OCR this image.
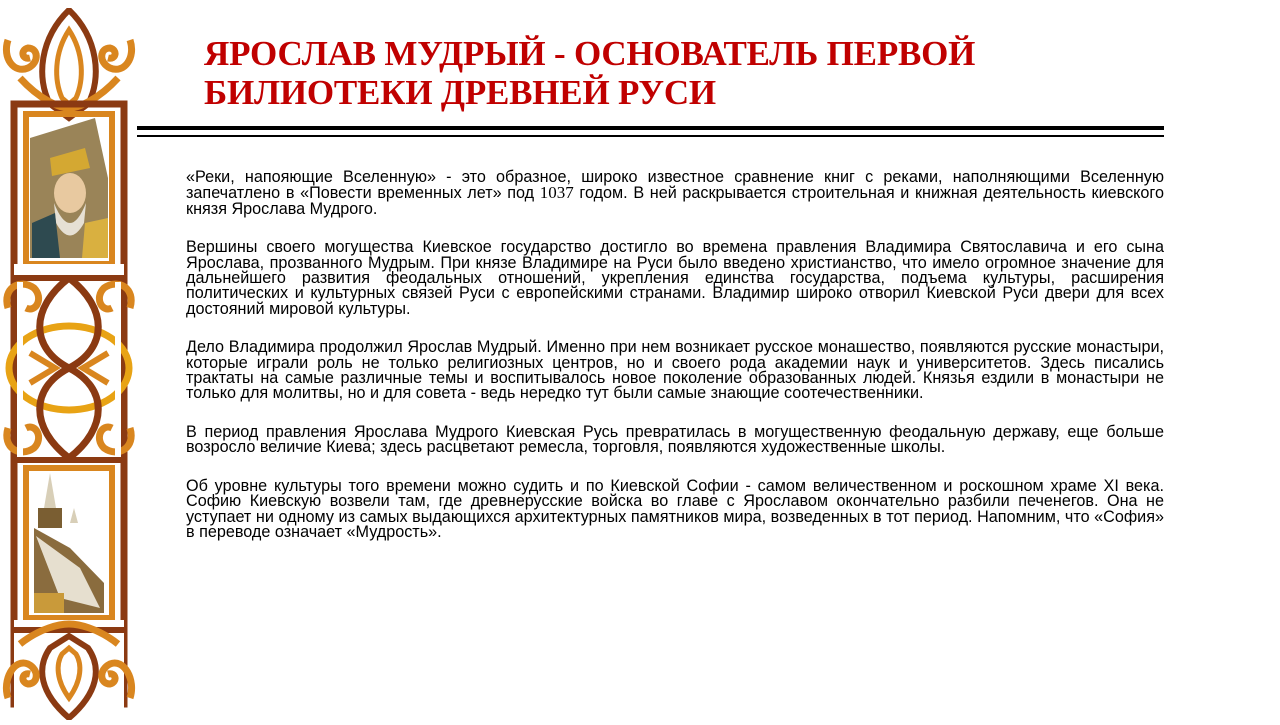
ЯРОСЛАВ МУДРЫЙ - ОСНОВАТЕЛЬ ПЕРВОЙ
БИЛИОТЕКИ ДРЕВНЕЙ РУСИ

«Реки, напояющие Вселенную» - это образное, широко известное сравнение книг с реками, наполняющими Вселенную запечатлено в «Повести временных лет» под 1037 годом. В ней раскрывается строительная и книжная деятельность киевского князя Ярослава Мудрого.

Вершины своего могущества Киевское государство достигло во времена правления Владимира Святославича и его сына Ярослава, прозванного Мудрым. При князе Владимире на Руси было введено христианство, что имело огромное значение для дальнейшего развития феодальных отношений, укрепления единства государства, подъема культуры, расширения политических и культурных связей Руси с европейскими странами. Владимир широко отворил Киевской Руси двери для всех достояний мировой культуры.

Дело Владимира продолжил Ярослав Мудрый. Именно при нем возникает русское монашество, появляются русские монастыри, которые играли роль не только религиозных центров, но и своего рода академии наук и университетов. Здесь писались трактаты на самые различные темы и воспитывалось новое поколение образованных людей. Князья ездили в монастыри не только для молитвы, но и для совета - ведь нередко тут были самые знающие соотечественники.

В период правления Ярослава Мудрого Киевская Русь превратилась в могущественную феодальную державу, еще больше возросло величие Киева; здесь расцветают ремесла, торговля, появляются художественные школы.

Об уровне культуры того времени можно судить и по Киевской Софии - самом величественном и роскошном храме XI века. Софию Киевскую возвели там, где древнерусские войска во главе с Ярославом окончательно разбили печенегов. Она не уступает ни одному из самых выдающихся архитектурных памятников мира, возведенных в тот период. Напомним, что «София» в переводе означает «Мудрость».
